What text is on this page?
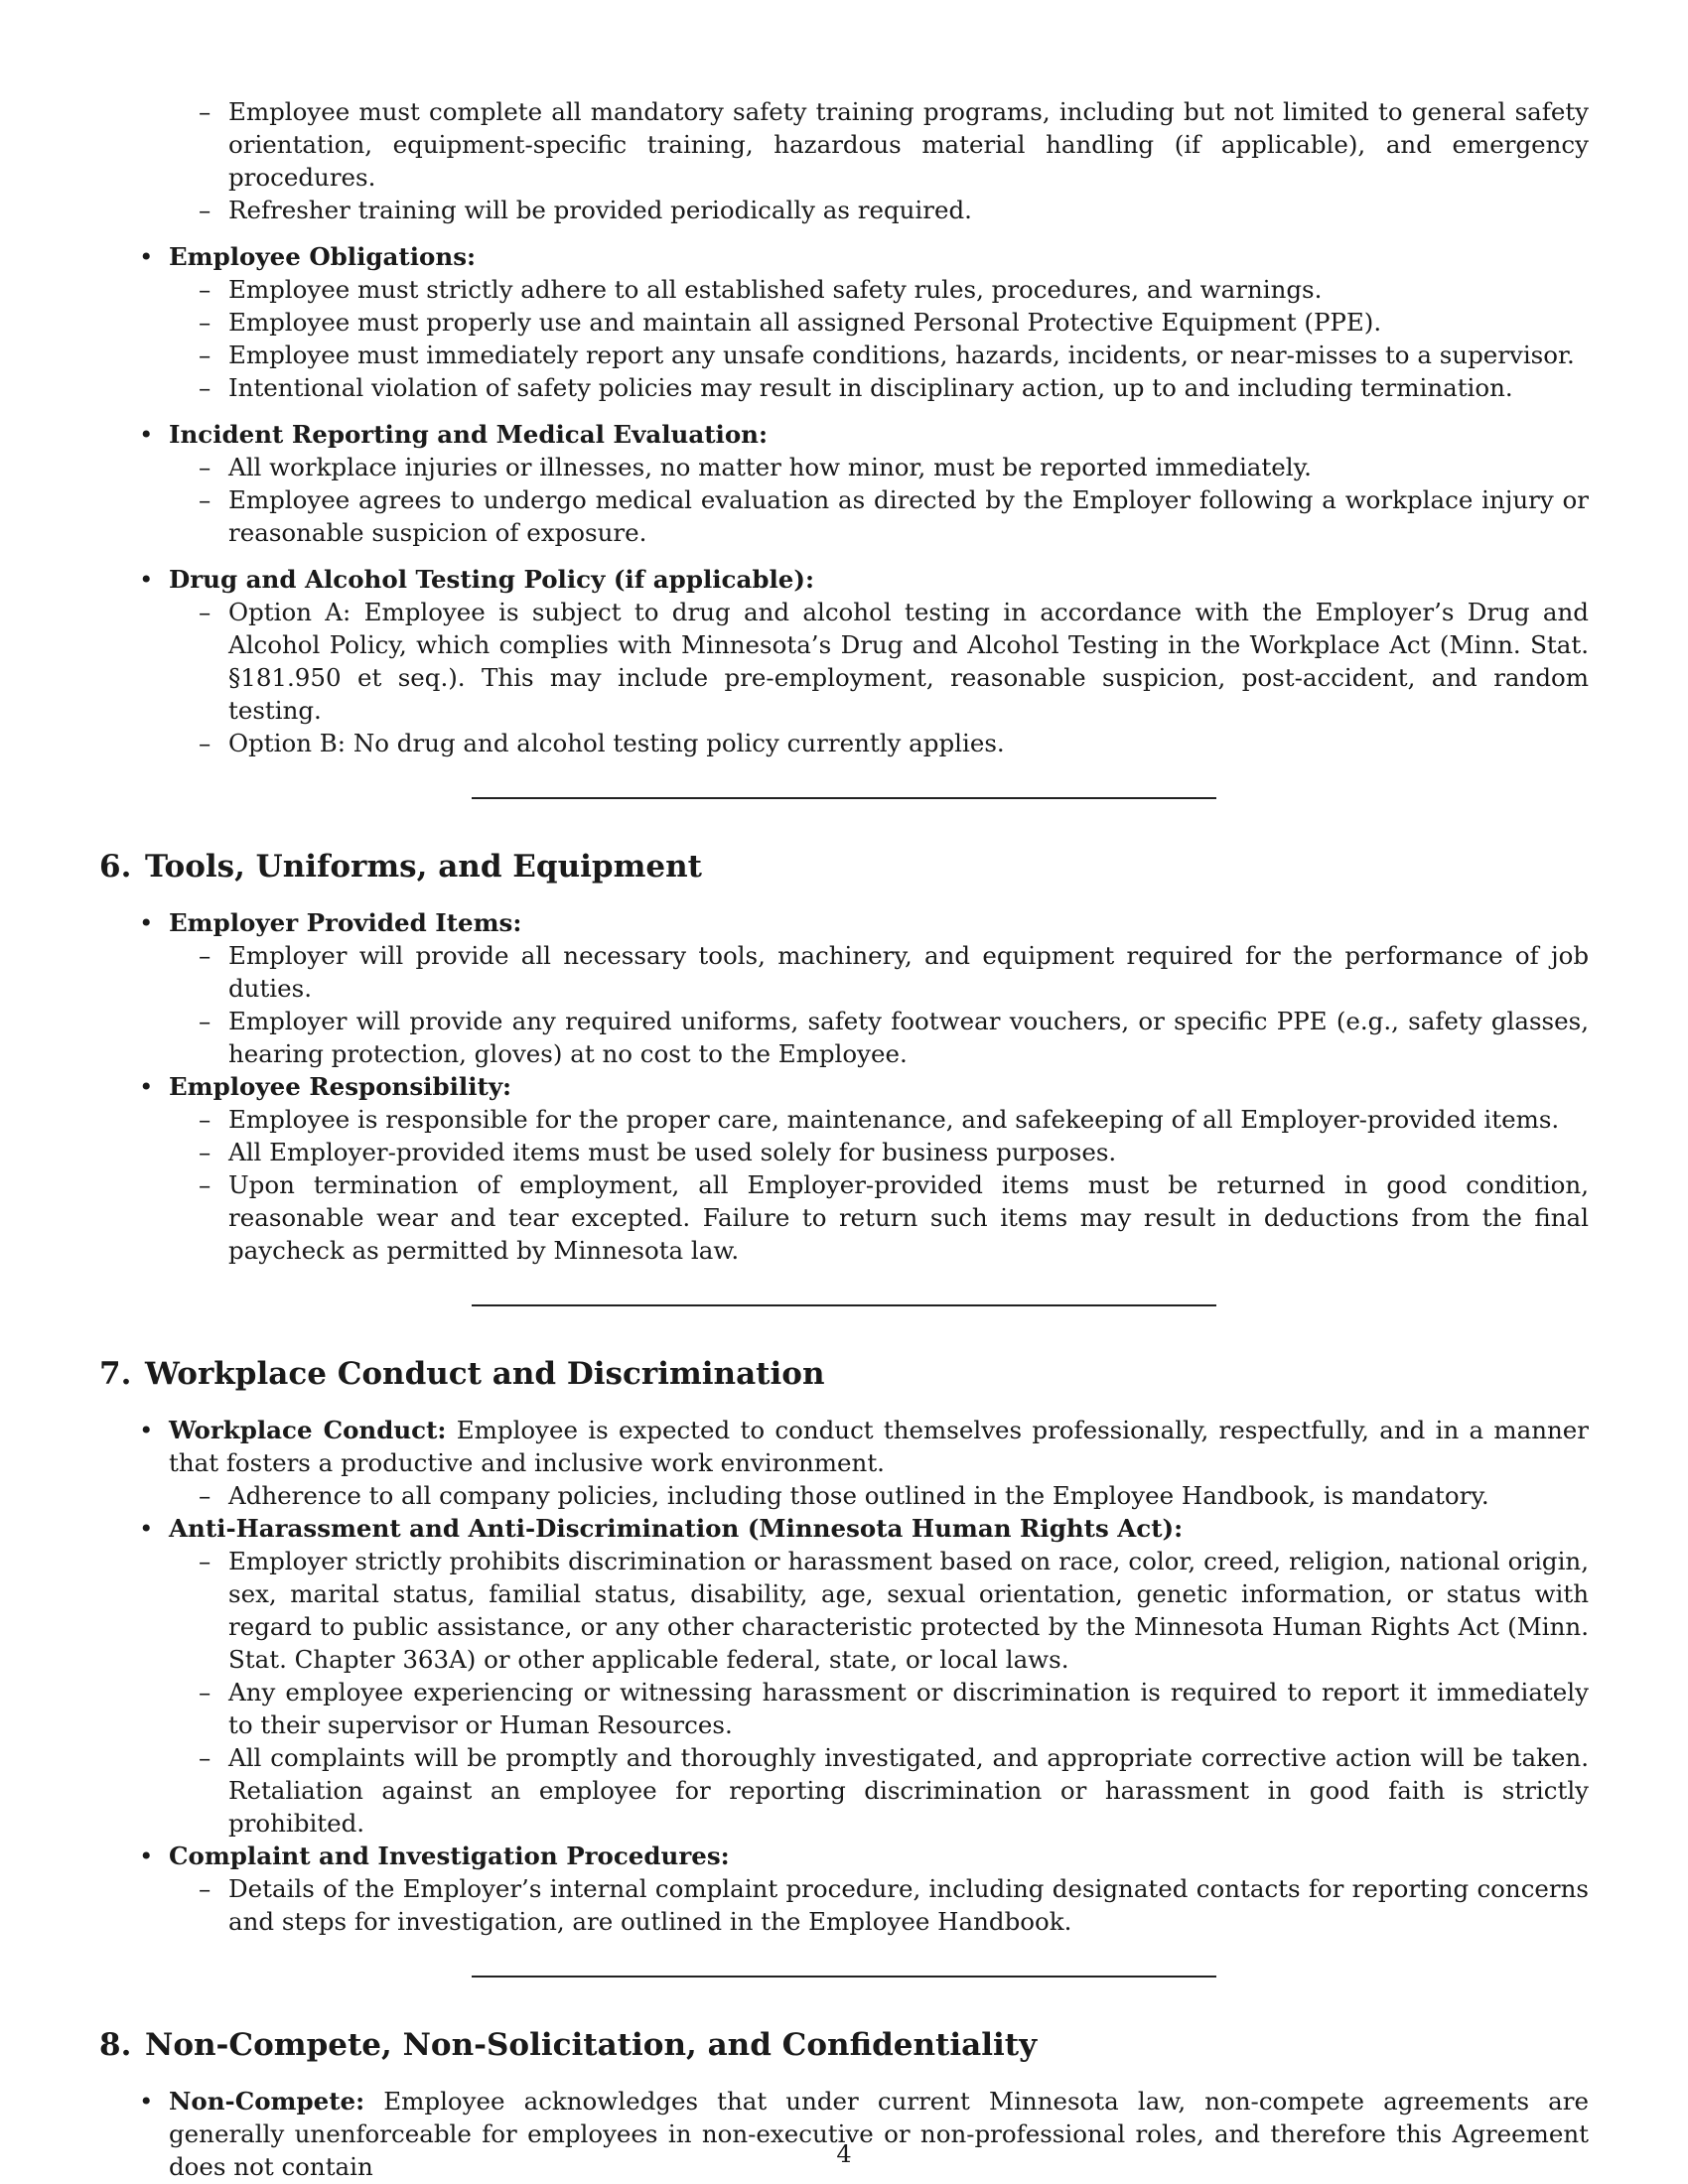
– Employee must complete all mandatory safety training programs, including but not limited to general safety orientation, equipment-specific training, hazardous material handling (if applicable), and emergency procedures.
– Refresher training will be provided periodically as required.
• Employee Obligations:
– Employee must strictly adhere to all established safety rules, procedures, and warnings.
– Employee must properly use and maintain all assigned Personal Protective Equipment (PPE).
– Employee must immediately report any unsafe conditions, hazards, incidents, or near-misses to a supervisor.
– Intentional violation of safety policies may result in disciplinary action, up to and including termination.
• Incident Reporting and Medical Evaluation:
– All workplace injuries or illnesses, no matter how minor, must be reported immediately.
– Employee agrees to undergo medical evaluation as directed by the Employer following a workplace injury or reasonable suspicion of exposure.
• Drug and Alcohol Testing Policy (if applicable):
– Option A: Employee is subject to drug and alcohol testing in accordance with the Employer’s Drug and Alcohol Policy, which complies with Minnesota’s Drug and Alcohol Testing in the Workplace Act (Minn. Stat. §181.950 et seq.). This may include pre-employment, reasonable suspicion, post-accident, and random testing.
– Option B: No drug and alcohol testing policy currently applies.
6. Tools, Uniforms, and Equipment
• Employer Provided Items:
– Employer will provide all necessary tools, machinery, and equipment required for the performance of job duties.
– Employer will provide any required uniforms, safety footwear vouchers, or specific PPE (e.g., safety glasses, hearing protection, gloves) at no cost to the Employee.
• Employee Responsibility:
– Employee is responsible for the proper care, maintenance, and safekeeping of all Employer-provided items.
– All Employer-provided items must be used solely for business purposes.
– Upon termination of employment, all Employer-provided items must be returned in good condition, reasonable wear and tear excepted. Failure to return such items may result in deductions from the final paycheck as permitted by Minnesota law.
7. Workplace Conduct and Discrimination
• Workplace Conduct: Employee is expected to conduct themselves professionally, respectfully, and in a manner that fosters a productive and inclusive work environment.
– Adherence to all company policies, including those outlined in the Employee Handbook, is mandatory.
• Anti-Harassment and Anti-Discrimination (Minnesota Human Rights Act):
– Employer strictly prohibits discrimination or harassment based on race, color, creed, religion, national origin, sex, marital status, familial status, disability, age, sexual orientation, genetic information, or status with regard to public assistance, or any other characteristic protected by the Minnesota Human Rights Act (Minn. Stat. Chapter 363A) or other applicable federal, state, or local laws.
– Any employee experiencing or witnessing harassment or discrimination is required to report it immediately to their supervisor or Human Resources.
– All complaints will be promptly and thoroughly investigated, and appropriate corrective action will be taken. Retaliation against an employee for reporting discrimination or harassment in good faith is strictly prohibited.
• Complaint and Investigation Procedures:
– Details of the Employer’s internal complaint procedure, including designated contacts for reporting concerns and steps for investigation, are outlined in the Employee Handbook.
8. Non-Compete, Non-Solicitation, and Confidentiality
• Non-Compete: Employee acknowledges that under current Minnesota law, non-compete agreements are generally unenforceable for employees in non-executive or non-professional roles, and therefore this Agreement does not contain	4
